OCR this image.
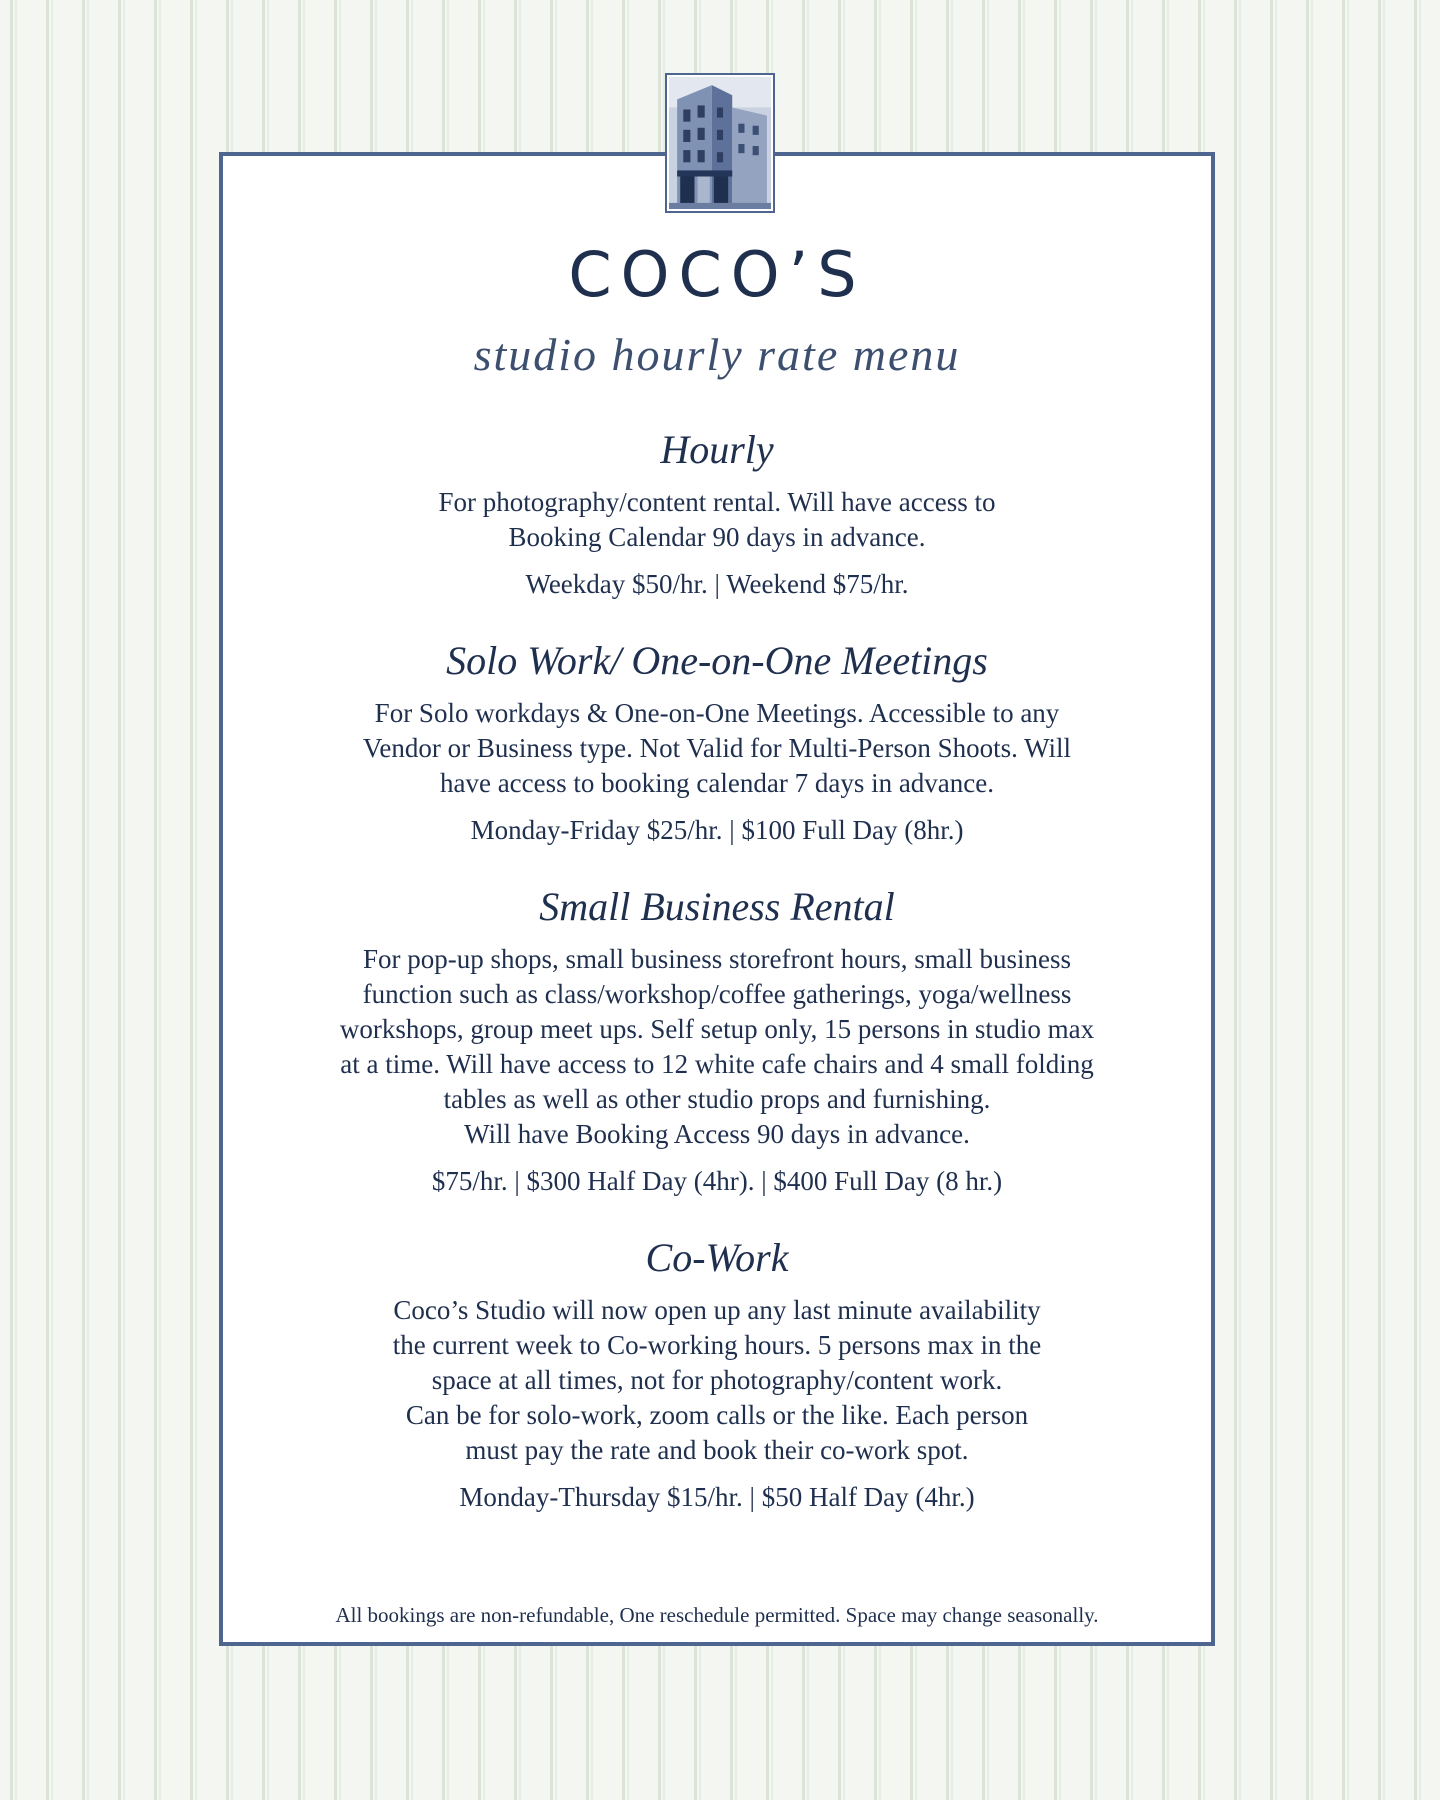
COCO’S

studio hourly rate menu

Hourly

For photography/content rental. Will have access to
Booking Calendar 90 days in advance.

Weekday $50/hr. | Weekend $75/hr.

Solo Work/ One-on-One Meetings

For Solo workdays & One-on-One Meetings. Accessible to any
Vendor or Business type. Not Valid for Multi-Person Shoots. Will
have access to booking calendar 7 days in advance.

Monday-Friday $25/hr. | $100 Full Day (8hr.)

Small Business Rental

For pop-up shops, small business storefront hours, small business
function such as class/workshop/coffee gatherings, yoga/wellness
workshops, group meet ups. Self setup only, 15 persons in studio max
at a time. Will have access to 12 white cafe chairs and 4 small folding
tables as well as other studio props and furnishing.
Will have Booking Access 90 days in advance.

$75/hr. | $300 Half Day (4hr). | $400 Full Day (8 hr.)

Co-Work

Coco’s Studio will now open up any last minute availability
the current week to Co-working hours. 5 persons max in the
space at all times, not for photography/content work.
Can be for solo-work, zoom calls or the like. Each person
must pay the rate and book their co-work spot.

Monday-Thursday $15/hr. | $50 Half Day (4hr.)

All bookings are non-refundable, One reschedule permitted. Space may change seasonally.
